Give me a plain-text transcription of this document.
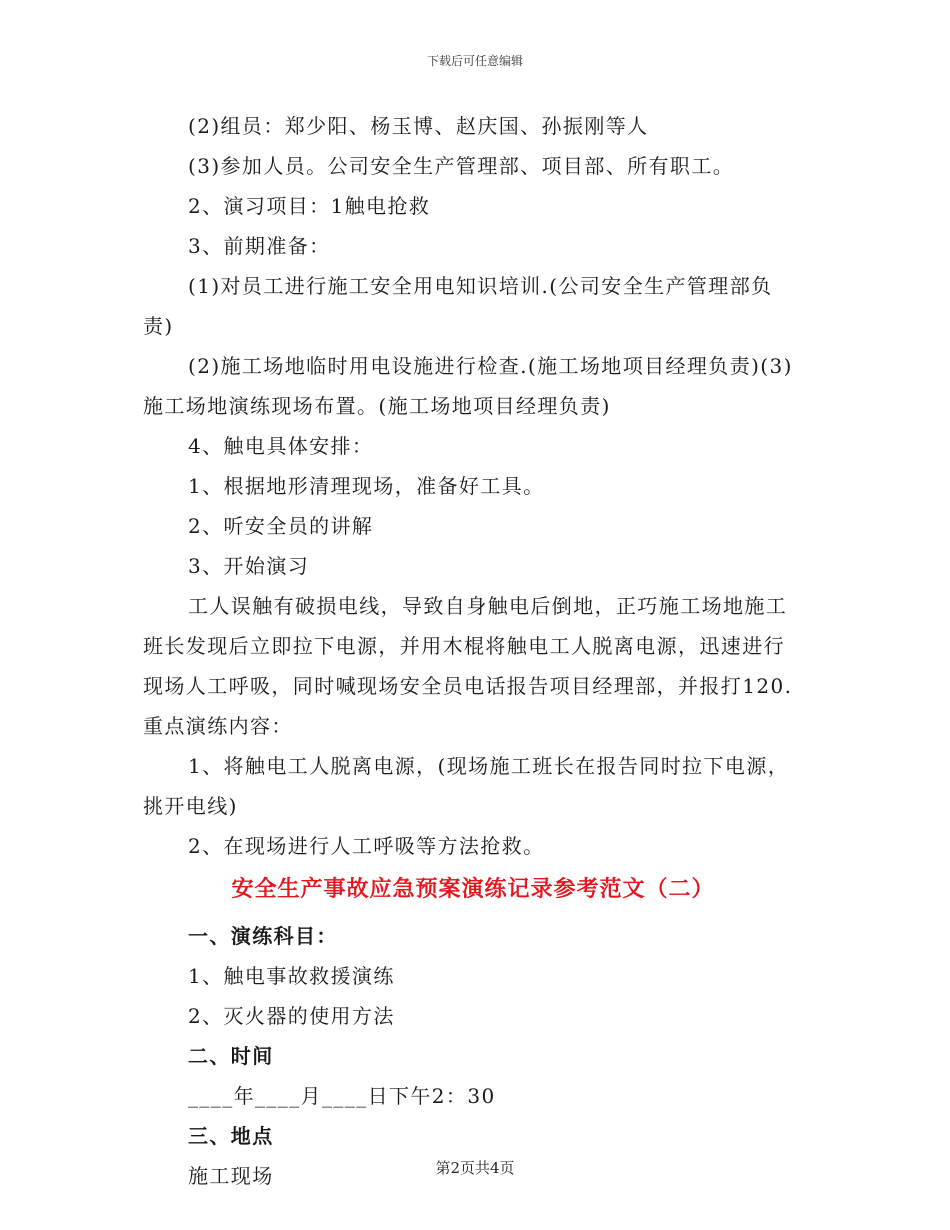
下载后可任意编辑

(2)组员：郑少阳、杨玉博、赵庆国、孙振刚等人

(3)参加人员。公司安全生产管理部、项目部、所有职工。

2、演习项目：1触电抢救

3、前期准备：

(1)对员工进行施工安全用电知识培训.(公司安全生产管理部负责)

(2)施工场地临时用电设施进行检查.(施工场地项目经理负责)(3)施工场地演练现场布置。(施工场地项目经理负责)

4、触电具体安排：

1、根据地形清理现场，准备好工具。

2、听安全员的讲解

3、开始演习

工人误触有破损电线，导致自身触电后倒地，正巧施工场地施工班长发现后立即拉下电源，并用木棍将触电工人脱离电源，迅速进行现场人工呼吸，同时喊现场安全员电话报告项目经理部，并报打120.重点演练内容：

1、将触电工人脱离电源，(现场施工班长在报告同时拉下电源，挑开电线)

2、在现场进行人工呼吸等方法抢救。

安全生产事故应急预案演练记录参考范文（二）

一、演练科目：

1、触电事故救援演练

2、灭火器的使用方法

二、时间

____年____月____日下午2：30

三、地点

施工现场	第2页共4页
